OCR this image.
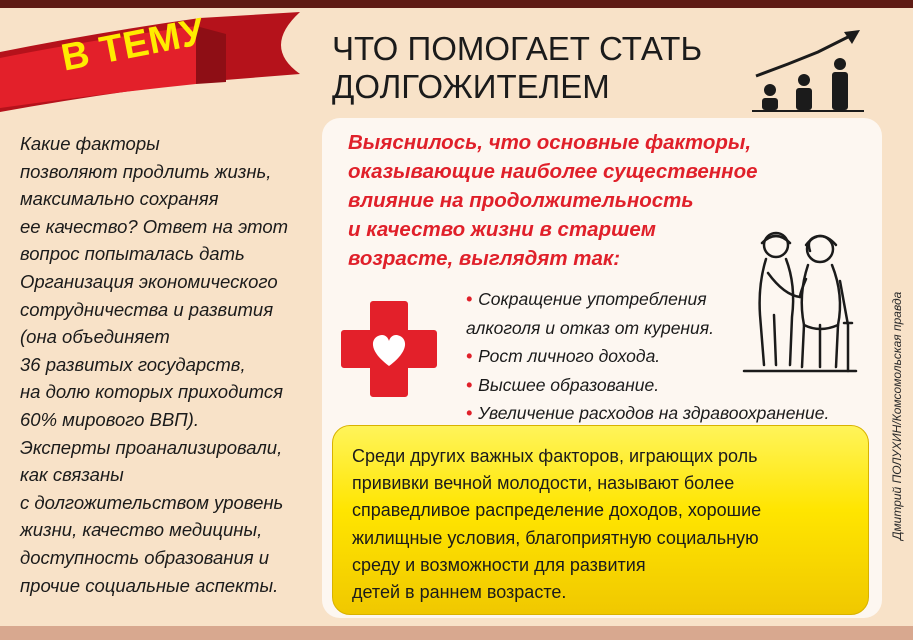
В ТЕМУ	ЧТО ПОМОГАЕТ СТАТЬ
ДОЛГОЖИТЕЛЕМ
Какие факторы
позволяют продлить жизнь,
максимально сохраняя
ее качество? Ответ на этот
вопрос попыталась дать
Организация экономического
сотрудничества и развития
(она объединяет
36 развитых государств,
на долю которых приходится
60% мирового ВВП).
Эксперты проанализировали,
как связаны
с долгожительством уровень
жизни, качество медицины,
доступность образования и
прочие социальные аспекты.
Выяснилось, что основные факторы,
оказывающие наиболее существенное
влияние на продолжительность
и качество жизни в старшем
возрасте, выглядят так:
• Сокращение употребления
алкоголя и отказ от курения.
• Рост личного дохода.
• Высшее образование.
• Увеличение расходов на здравоохранение.
Среди других важных факторов, играющих роль
прививки вечной молодости, называют более
справедливое распределение доходов, хорошие
жилищные условия, благоприятную социальную
среду и возможности для развития
детей в раннем возрасте.
Дмитрий ПОЛУХИН/Комсомольская правда
